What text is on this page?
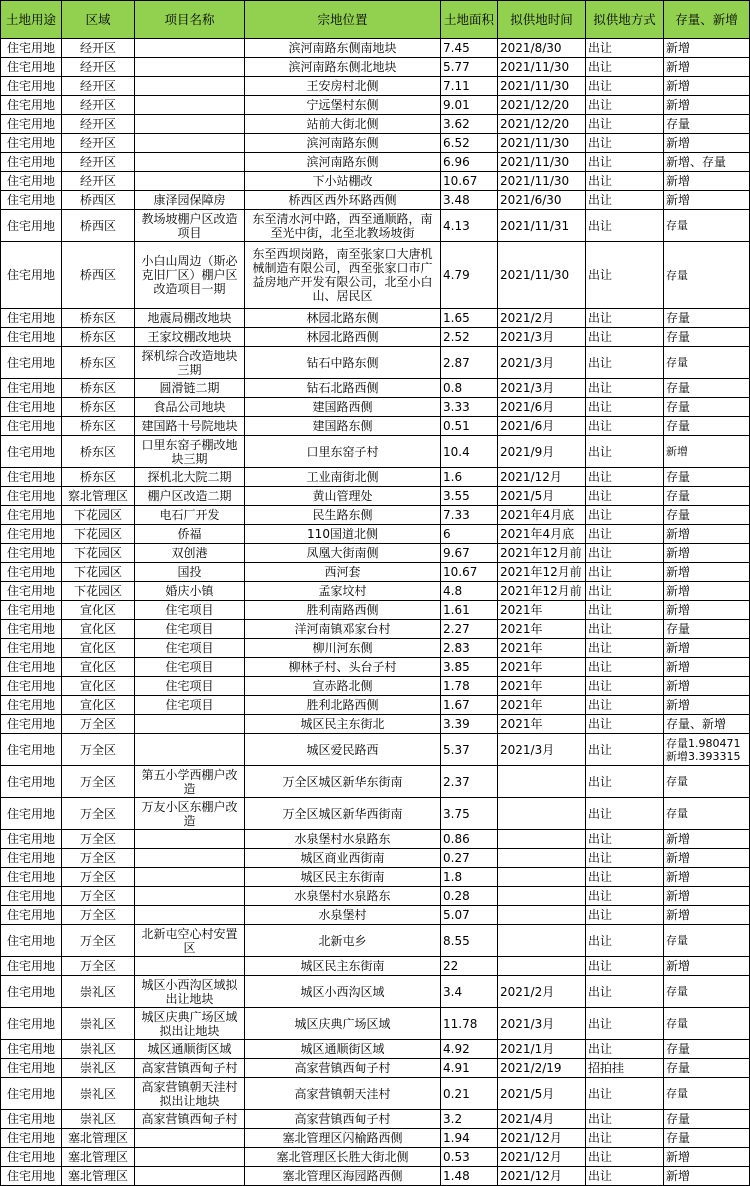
土地用途	区域	项目名称	宗地位置	土地面积	拟供地时间	拟供地方式	存量、新增
住宅用地	经开区		滨河南路东侧南地块	7.45	2021/8/30	出让	新增
住宅用地	经开区		滨河南路东侧北地块	5.77	2021/11/30	出让	新增
住宅用地	经开区		王安房村北侧	7.11	2021/11/30	出让	新增
住宅用地	经开区		宁远堡村东侧	9.01	2021/12/20	出让	新增
住宅用地	经开区		站前大街北侧	3.62	2021/12/20	出让	存量
住宅用地	经开区		滨河南路东侧	6.52	2021/11/30	出让	新增
住宅用地	经开区		滨河南路东侧	6.96	2021/11/30	出让	新增、存量
住宅用地	经开区		下小站棚改	10.67	2021/11/30	出让	新增
住宅用地	桥西区	康泽园保障房	桥西区西外环路西侧	3.48	2021/6/30	出让	新增
住宅用地	桥西区	教场坡棚户区改造项目	东至清水河中路，西至通顺路，南至光中街，北至北教场坡街	4.13	2021/11/31	出让	存量
住宅用地	桥西区	小白山周边（斯必克旧厂区）棚户区改造项目一期	东至西坝岗路，南至张家口大唐机械制造有限公司，西至张家口市广益房地产开发有限公司，北至小白山、居民区	4.79	2021/11/30	出让	存量
住宅用地	桥东区	地震局棚改地块	林园北路东侧	1.65	2021/2月	出让	存量
住宅用地	桥东区	王家坟棚改地块	林园北路西侧	2.52	2021/3月	出让	存量
住宅用地	桥东区	探机综合改造地块三期	钻石中路东侧	2.87	2021/3月	出让	存量
住宅用地	桥东区	圆滑链二期	钻石北路西侧	0.8	2021/3月	出让	存量
住宅用地	桥东区	食品公司地块	建国路西侧	3.33	2021/6月	出让	存量
住宅用地	桥东区	建国路十号院地块	建国路东侧	0.51	2021/6月	出让	存量
住宅用地	桥东区	口里东窑子棚改地块三期	口里东窑子村	10.4	2021/9月	出让	新增
住宅用地	桥东区	探机北大院二期	工业南街北侧	1.6	2021/12月	出让	存量
住宅用地	察北管理区	棚户区改造二期	黄山管理处	3.55	2021/5月	出让	存量
住宅用地	下花园区	电石厂开发	民生路东侧	7.33	2021年4月底	出让	存量
住宅用地	下花园区	侨福	110国道北侧	6	2021年4月底	出让	新增
住宅用地	下花园区	双创港	凤凰大街南侧	9.67	2021年12月前	出让	新增
住宅用地	下花园区	国投	西河套	10.67	2021年12月前	出让	新增
住宅用地	下花园区	婚庆小镇	孟家坟村	4.8	2021年12月前	出让	新增
住宅用地	宣化区	住宅项目	胜利南路西侧	1.61	2021年	出让	新增
住宅用地	宣化区	住宅项目	洋河南镇邓家台村	2.27	2021年	出让	存量
住宅用地	宣化区	住宅项目	柳川河东侧	2.83	2021年	出让	新增
住宅用地	宣化区	住宅项目	柳林子村、头台子村	3.85	2021年	出让	新增
住宅用地	宣化区	住宅项目	宣赤路北侧	1.78	2021年	出让	新增
住宅用地	宣化区	住宅项目	胜利北路西侧	1.67	2021年	出让	新增
住宅用地	万全区		城区民主东街北	3.39	2021年	出让	存量、新增
住宅用地	万全区		城区爱民路西	5.37	2021/3月	出让	存量1.980471新增3.393315
住宅用地	万全区	第五小学西棚户改造	万全区城区新华东街南	2.37		出让	存量
住宅用地	万全区	万友小区东棚户改造	万全区城区新华西街南	3.75		出让	存量
住宅用地	万全区		水泉堡村水泉路东	0.86		出让	新增
住宅用地	万全区		城区商业西街南	0.27		出让	新增
住宅用地	万全区		城区民主东街南	1.8		出让	新增
住宅用地	万全区		水泉堡村水泉路东	0.28		出让	新增
住宅用地	万全区		水泉堡村	5.07		出让	新增
住宅用地	万全区	北新屯空心村安置区	北新屯乡	8.55		出让	存量
住宅用地	万全区		城区民主东街南	22		出让	新增
住宅用地	崇礼区	城区小西沟区域拟出让地块	城区小西沟区域	3.4	2021/2月	出让	存量
住宅用地	崇礼区	城区庆典广场区域拟出让地块	城区庆典广场区域	11.78	2021/3月	出让	存量
住宅用地	崇礼区	城区通顺街区域	城区通顺街区域	4.92	2021/1月	出让	存量
住宅用地	崇礼区	高家营镇西甸子村	高家营镇西甸子村	4.91	2021/2/19	招拍挂	存量
住宅用地	崇礼区	高家营镇朝天洼村拟出让地块	高家营镇朝天洼村	0.21	2021/5月	出让	存量
住宅用地	崇礼区	高家营镇西甸子村	高家营镇西甸子村	3.2	2021/4月	出让	存量
住宅用地	塞北管理区		塞北管理区闪榆路西侧	1.94	2021/12月	出让	存量
住宅用地	塞北管理区		塞北管理区长胜大街北侧	0.53	2021/12月	出让	新增
住宅用地	塞北管理区		塞北管理区海园路西侧	1.48	2021/12月	出让	新增
